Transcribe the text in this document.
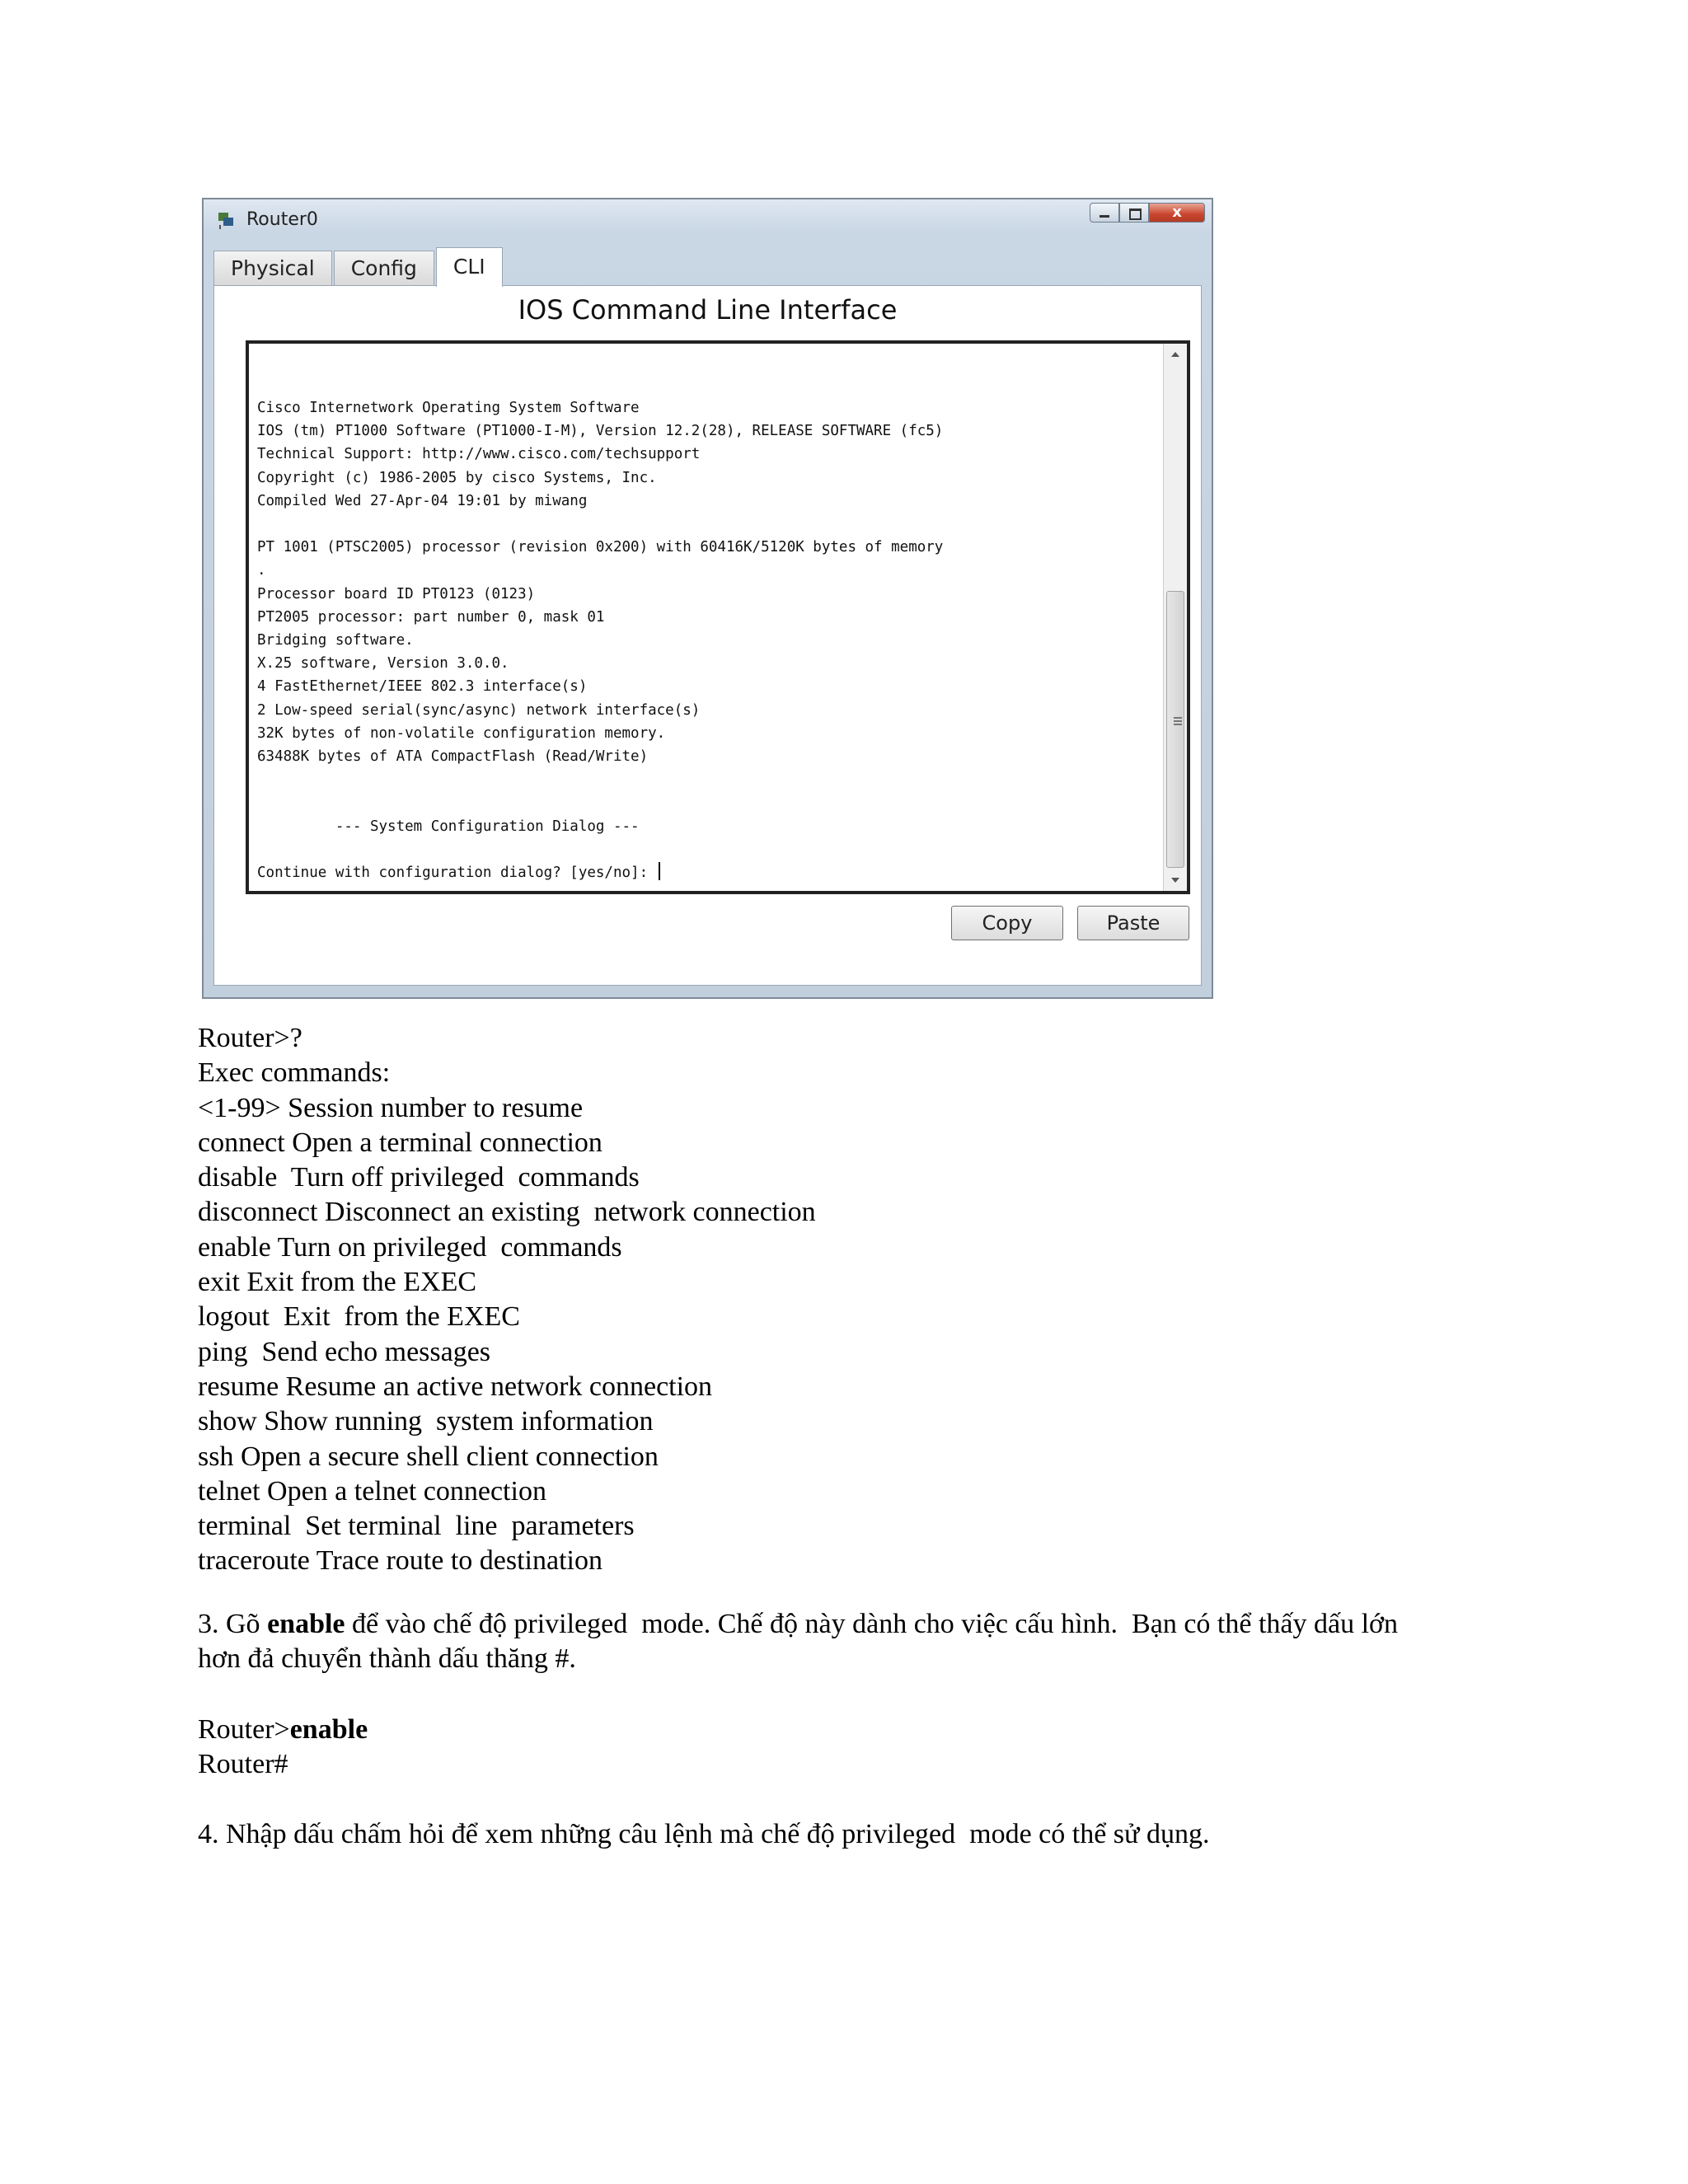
Router0	x
Physical	Config	CLI
IOS Command Line Interface
Cisco Internetwork Operating System Software
IOS (tm) PT1000 Software (PT1000-I-M), Version 12.2(28), RELEASE SOFTWARE (fc5)
Technical Support: http://www.cisco.com/techsupport
Copyright (c) 1986-2005 by cisco Systems, Inc.
Compiled Wed 27-Apr-04 19:01 by miwang

PT 1001 (PTSC2005) processor (revision 0x200) with 60416K/5120K bytes of memory
.
Processor board ID PT0123 (0123)
PT2005 processor: part number 0, mask 01
Bridging software.
X.25 software, Version 3.0.0.
4 FastEthernet/IEEE 802.3 interface(s)
2 Low-speed serial(sync/async) network interface(s)
32K bytes of non-volatile configuration memory.
63488K bytes of ATA CompactFlash (Read/Write)

--- System Configuration Dialog ---

Continue with configuration dialog? [yes/no]:
Copy	Paste
Router>?
Exec commands:
<1-99> Session number to resume
connect Open a terminal connection
disable  Turn off privileged  commands
disconnect Disconnect an existing  network connection
enable Turn on privileged  commands
exit Exit from the EXEC
logout  Exit  from the EXEC
ping  Send echo messages
resume Resume an active network connection
show Show running  system information
ssh Open a secure shell client connection
telnet Open a telnet connection
terminal  Set terminal  line  parameters
traceroute Trace route to destination
3. Gõ enable để vào chế độ privileged  mode. Chế độ này dành cho việc cấu hình.  Bạn có thể thấy dấu lớn
hơn đả chuyển thành dấu thăng #.
Router>enable
Router#
4. Nhập dấu chấm hỏi để xem những câu lệnh mà chế độ privileged  mode có thể sử dụng.
